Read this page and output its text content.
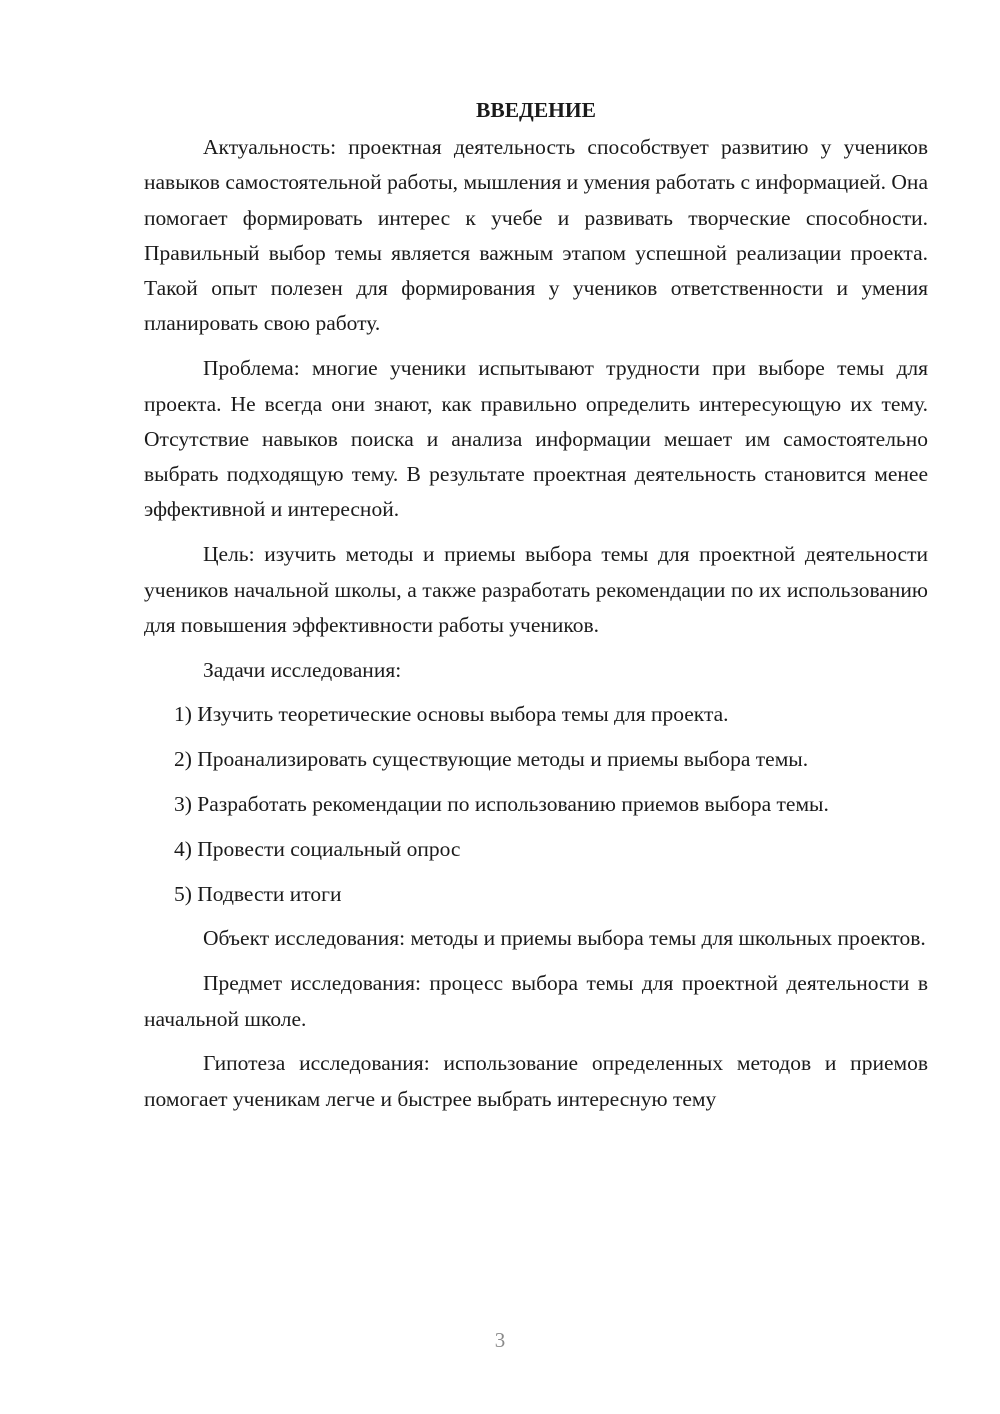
ВВЕДЕНИЕ

Актуальность: проектная деятельность способствует развитию у учеников навыков самостоятельной работы, мышления и умения работать с информацией. Она помогает формировать интерес к учебе и развивать творческие способности. Правильный выбор темы является важным этапом успешной реализации проекта. Такой опыт полезен для формирования у учеников ответственности и умения планировать свою работу.

Проблема: многие ученики испытывают трудности при выборе темы для проекта. Не всегда они знают, как правильно определить интересующую их тему. Отсутствие навыков поиска и анализа информации мешает им самостоятельно выбрать подходящую тему. В результате проектная деятельность становится менее эффективной и интересной.

Цель: изучить методы и приемы выбора темы для проектной деятельности учеников начальной школы, а также разработать рекомендации по их использованию для повышения эффективности работы учеников.

Задачи исследования:

1) Изучить теоретические основы выбора темы для проекта.

2) Проанализировать существующие методы и приемы выбора темы.

3) Разработать рекомендации по использованию приемов выбора темы.

4) Провести социальный опрос

5) Подвести итоги

Объект исследования: методы и приемы выбора темы для школьных проектов.

Предмет исследования: процесс выбора темы для проектной деятельности в начальной школе.

Гипотеза исследования: использование определенных методов и приемов помогает ученикам легче и быстрее выбрать интересную тему

3
